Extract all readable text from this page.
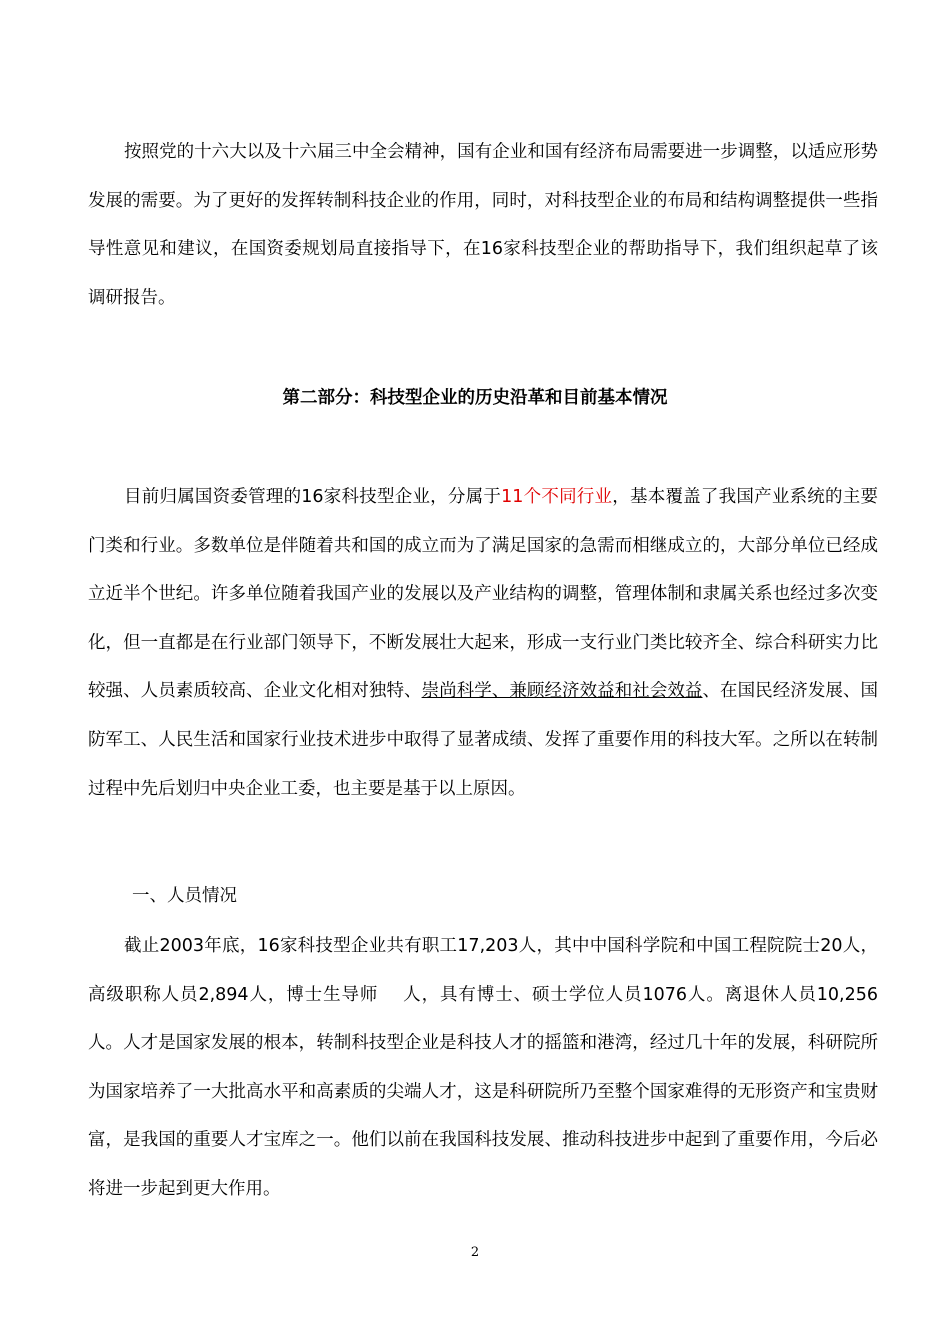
按照党的十六大以及十六届三中全会精神，国有企业和国有经济布局需要进一步调整，以适应形势发展的需要。为了更好的发挥转制科技企业的作用，同时，对科技型企业的布局和结构调整提供一些指导性意见和建议，在国资委规划局直接指导下，在16家科技型企业的帮助指导下，我们组织起草了该调研报告。

第二部分：科技型企业的历史沿革和目前基本情况

目前归属国资委管理的16家科技型企业，分属于11个不同行业，基本覆盖了我国产业系统的主要门类和行业。多数单位是伴随着共和国的成立而为了满足国家的急需而相继成立的，大部分单位已经成立近半个世纪。许多单位随着我国产业的发展以及产业结构的调整，管理体制和隶属关系也经过多次变化，但一直都是在行业部门领导下，不断发展壮大起来，形成一支行业门类比较齐全、综合科研实力比较强、人员素质较高、企业文化相对独特、崇尚科学、兼顾经济效益和社会效益、在国民经济发展、国防军工、人民生活和国家行业技术进步中取得了显著成绩、发挥了重要作用的科技大军。之所以在转制过程中先后划归中央企业工委，也主要是基于以上原因。

一、人员情况

截止2003年底，16家科技型企业共有职工17,203人，其中中国科学院和中国工程院院士20人，高级职称人员2,894人，博士生导师　 人，具有博士、硕士学位人员1076人。离退休人员10,256人。人才是国家发展的根本，转制科技型企业是科技人才的摇篮和港湾，经过几十年的发展，科研院所为国家培养了一大批高水平和高素质的尖端人才，这是科研院所乃至整个国家难得的无形资产和宝贵财富，是我国的重要人才宝库之一。他们以前在我国科技发展、推动科技进步中起到了重要作用，今后必将进一步起到更大作用。

2
